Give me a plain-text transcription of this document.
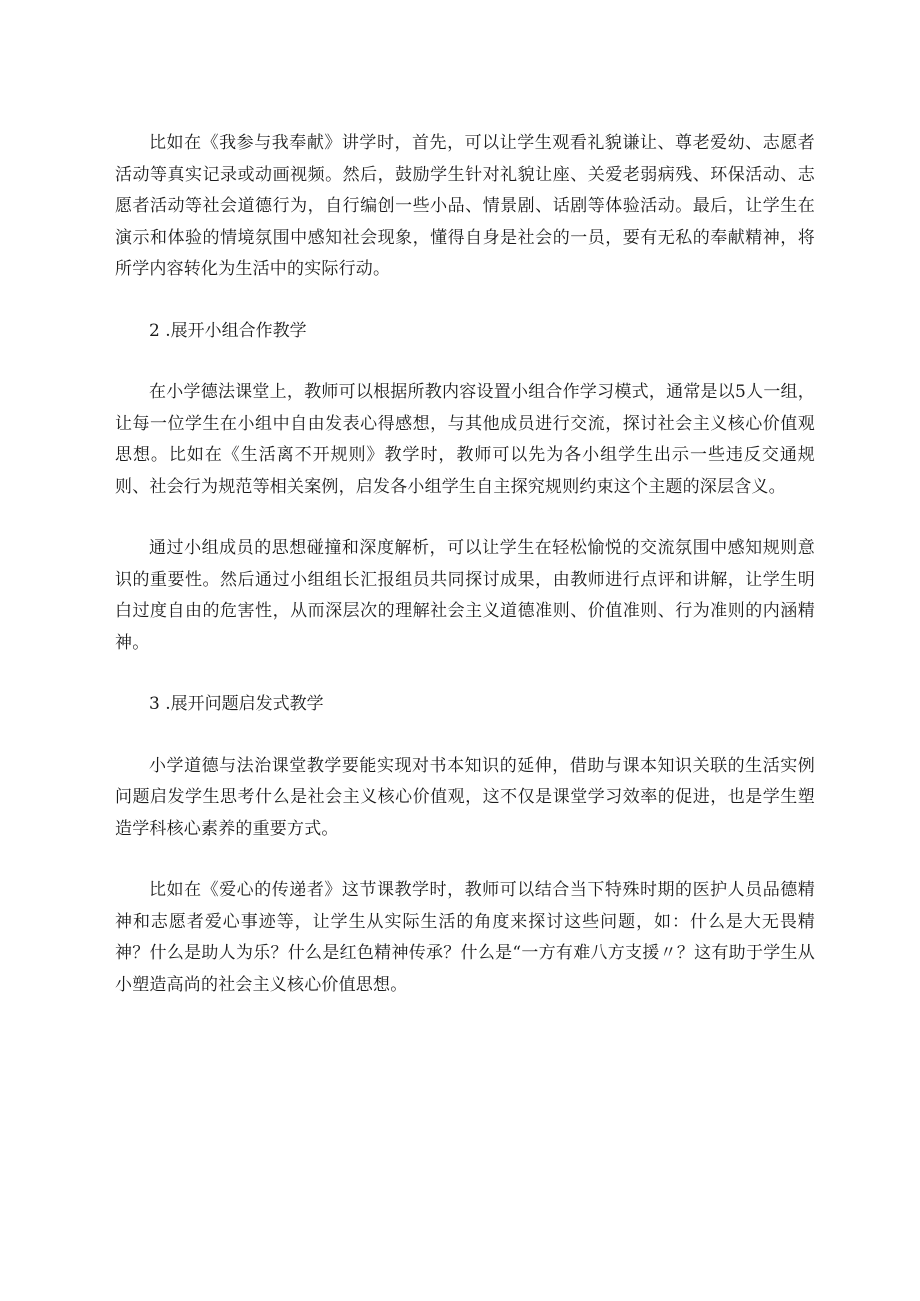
比如在《我参与我奉献》讲学时，首先，可以让学生观看礼貌谦让、尊老爱幼、志愿者活动等真实记录或动画视频。然后，鼓励学生针对礼貌让座、关爱老弱病残、环保活动、志愿者活动等社会道德行为，自行编创一些小品、情景剧、话剧等体验活动。最后，让学生在演示和体验的情境氛围中感知社会现象，懂得自身是社会的一员，要有无私的奉献精神，将所学内容转化为生活中的实际行动。

2 .展开小组合作教学

在小学德法课堂上，教师可以根据所教内容设置小组合作学习模式，通常是以5人一组，让每一位学生在小组中自由发表心得感想，与其他成员进行交流，探讨社会主义核心价值观思想。比如在《生活离不开规则》教学时，教师可以先为各小组学生出示一些违反交通规则、社会行为规范等相关案例，启发各小组学生自主探究规则约束这个主题的深层含义。

通过小组成员的思想碰撞和深度解析，可以让学生在轻松愉悦的交流氛围中感知规则意识的重要性。然后通过小组组长汇报组员共同探讨成果，由教师进行点评和讲解，让学生明白过度自由的危害性，从而深层次的理解社会主义道德准则、价值准则、行为准则的内涵精神。

3 .展开问题启发式教学

小学道德与法治课堂教学要能实现对书本知识的延伸，借助与课本知识关联的生活实例问题启发学生思考什么是社会主义核心价值观，这不仅是课堂学习效率的促进，也是学生塑造学科核心素养的重要方式。

比如在《爱心的传递者》这节课教学时，教师可以结合当下特殊时期的医护人员品德精神和志愿者爱心事迹等，让学生从实际生活的角度来探讨这些问题，如：什么是大无畏精神？什么是助人为乐？什么是红色精神传承？什么是“一方有难八方支援〃？这有助于学生从小塑造高尚的社会主义核心价值思想。
